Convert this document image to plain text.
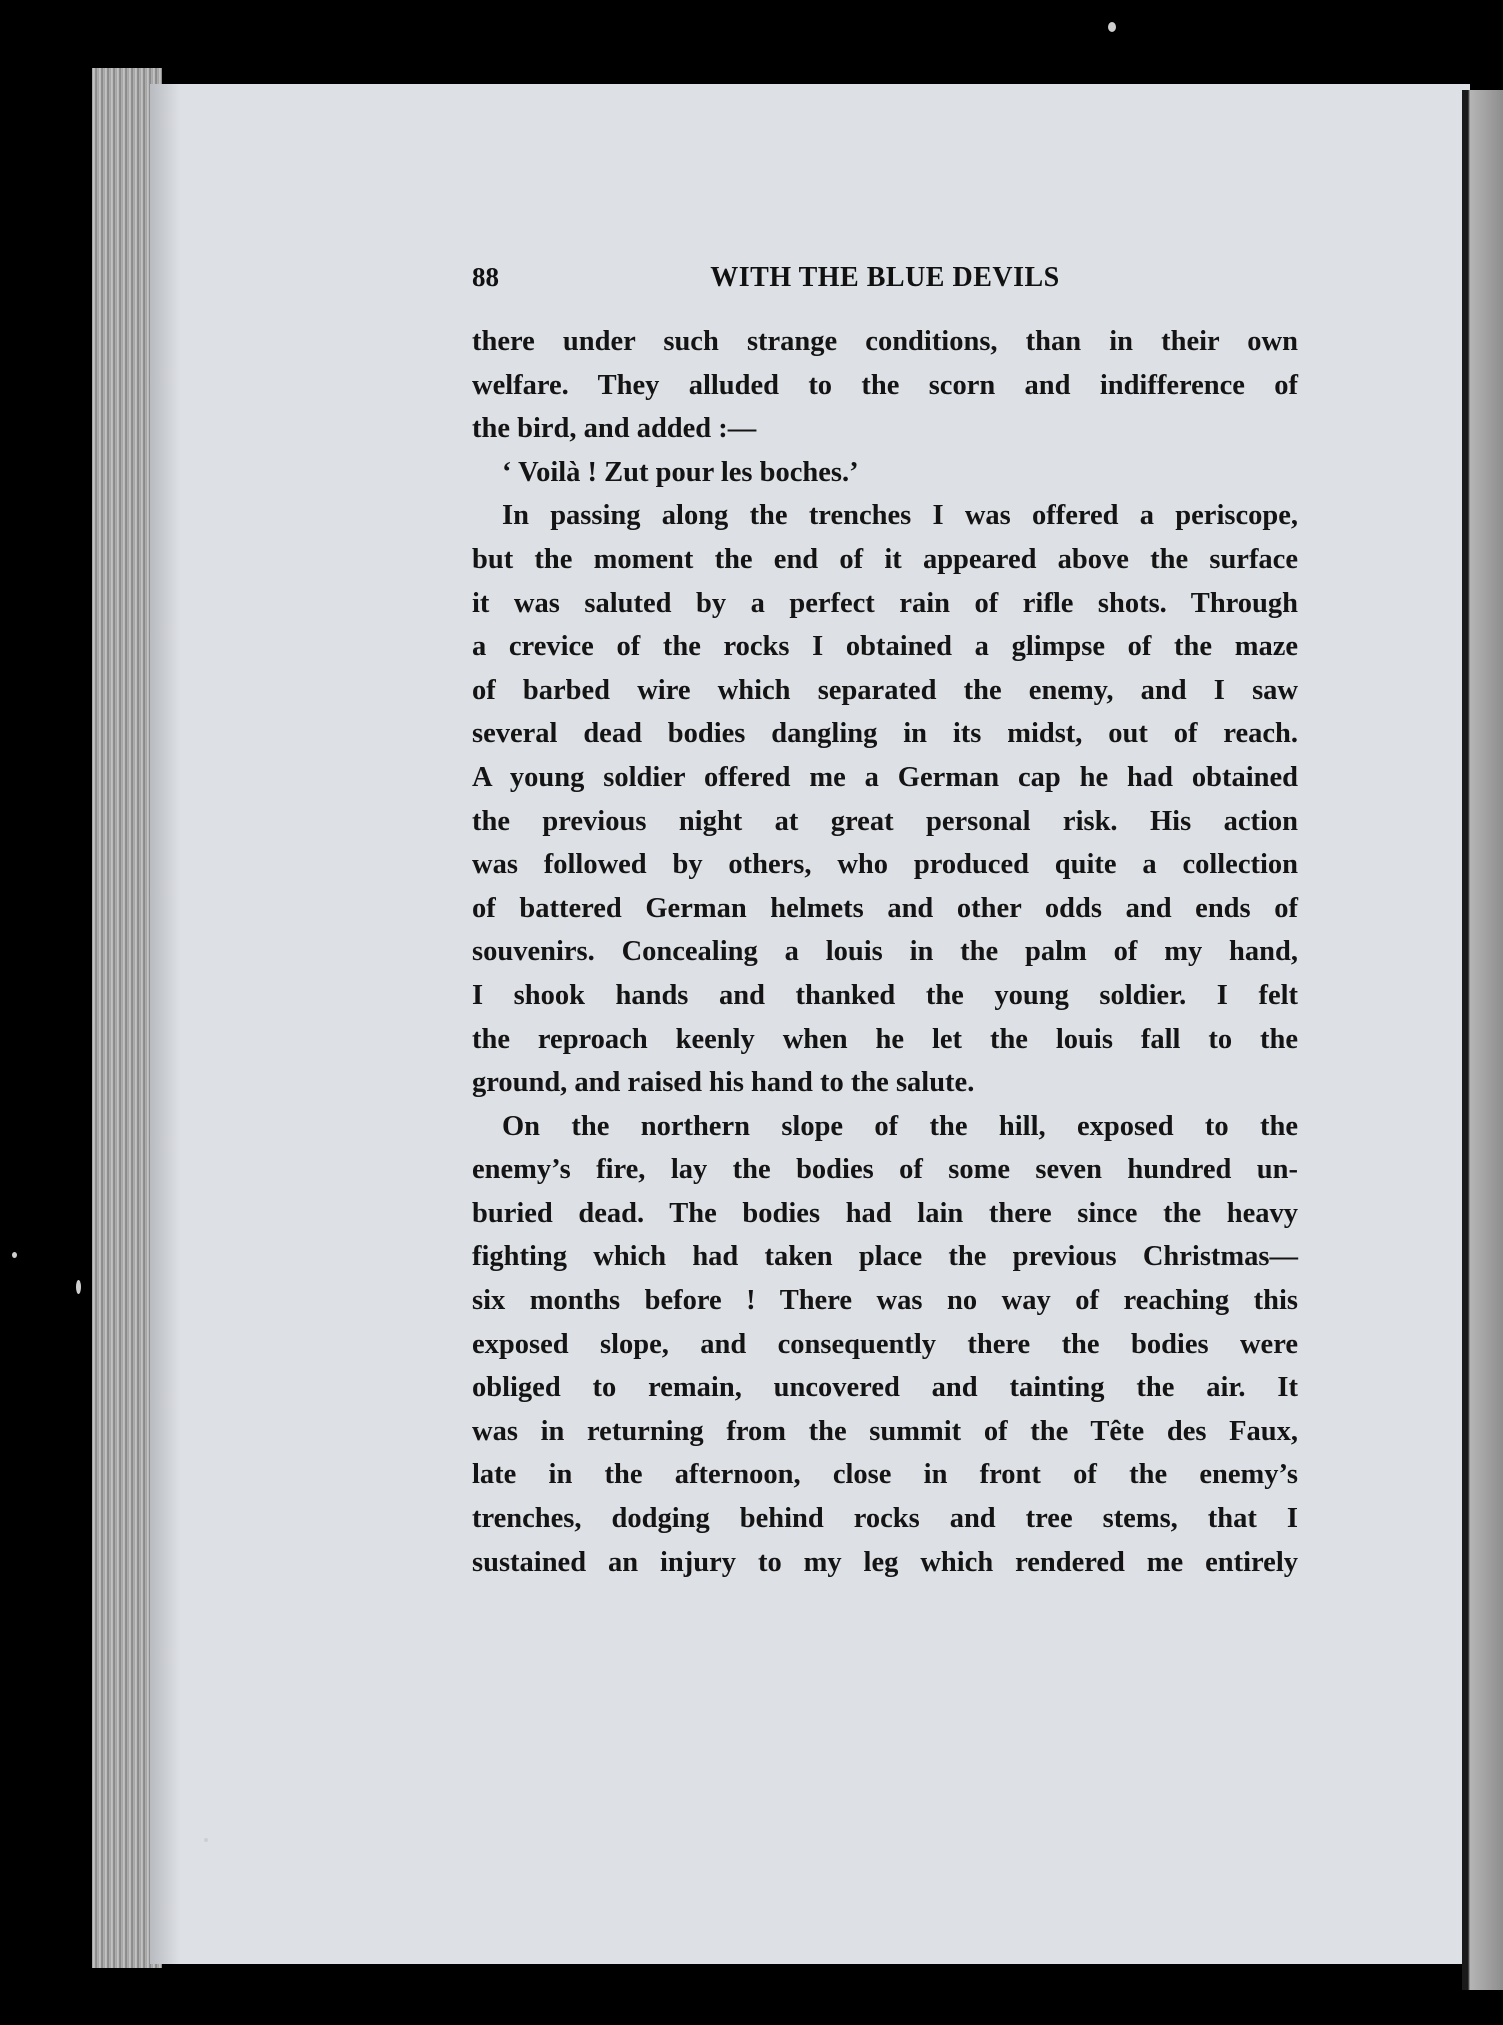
88	WITH THE BLUE DEVILS
there under such strange conditions, than in their own
welfare. They alluded to the scorn and indifference of
the bird, and added :—
‘ Voilà ! Zut pour les boches.’
In passing along the trenches I was offered a periscope,
but the moment the end of it appeared above the surface
it was saluted by a perfect rain of rifle shots. Through
a crevice of the rocks I obtained a glimpse of the maze
of barbed wire which separated the enemy, and I saw
several dead bodies dangling in its midst, out of reach.
A young soldier offered me a German cap he had obtained
the previous night at great personal risk. His action
was followed by others, who produced quite a collection
of battered German helmets and other odds and ends of
souvenirs. Concealing a louis in the palm of my hand,
I shook hands and thanked the young soldier. I felt
the reproach keenly when he let the louis fall to the
ground, and raised his hand to the salute.
On the northern slope of the hill, exposed to the
enemy’s fire, lay the bodies of some seven hundred un-
buried dead. The bodies had lain there since the heavy
fighting which had taken place the previous Christmas—
six months before ! There was no way of reaching this
exposed slope, and consequently there the bodies were
obliged to remain, uncovered and tainting the air. It
was in returning from the summit of the Tête des Faux,
late in the afternoon, close in front of the enemy’s
trenches, dodging behind rocks and tree stems, that I
sustained an injury to my leg which rendered me entirely
